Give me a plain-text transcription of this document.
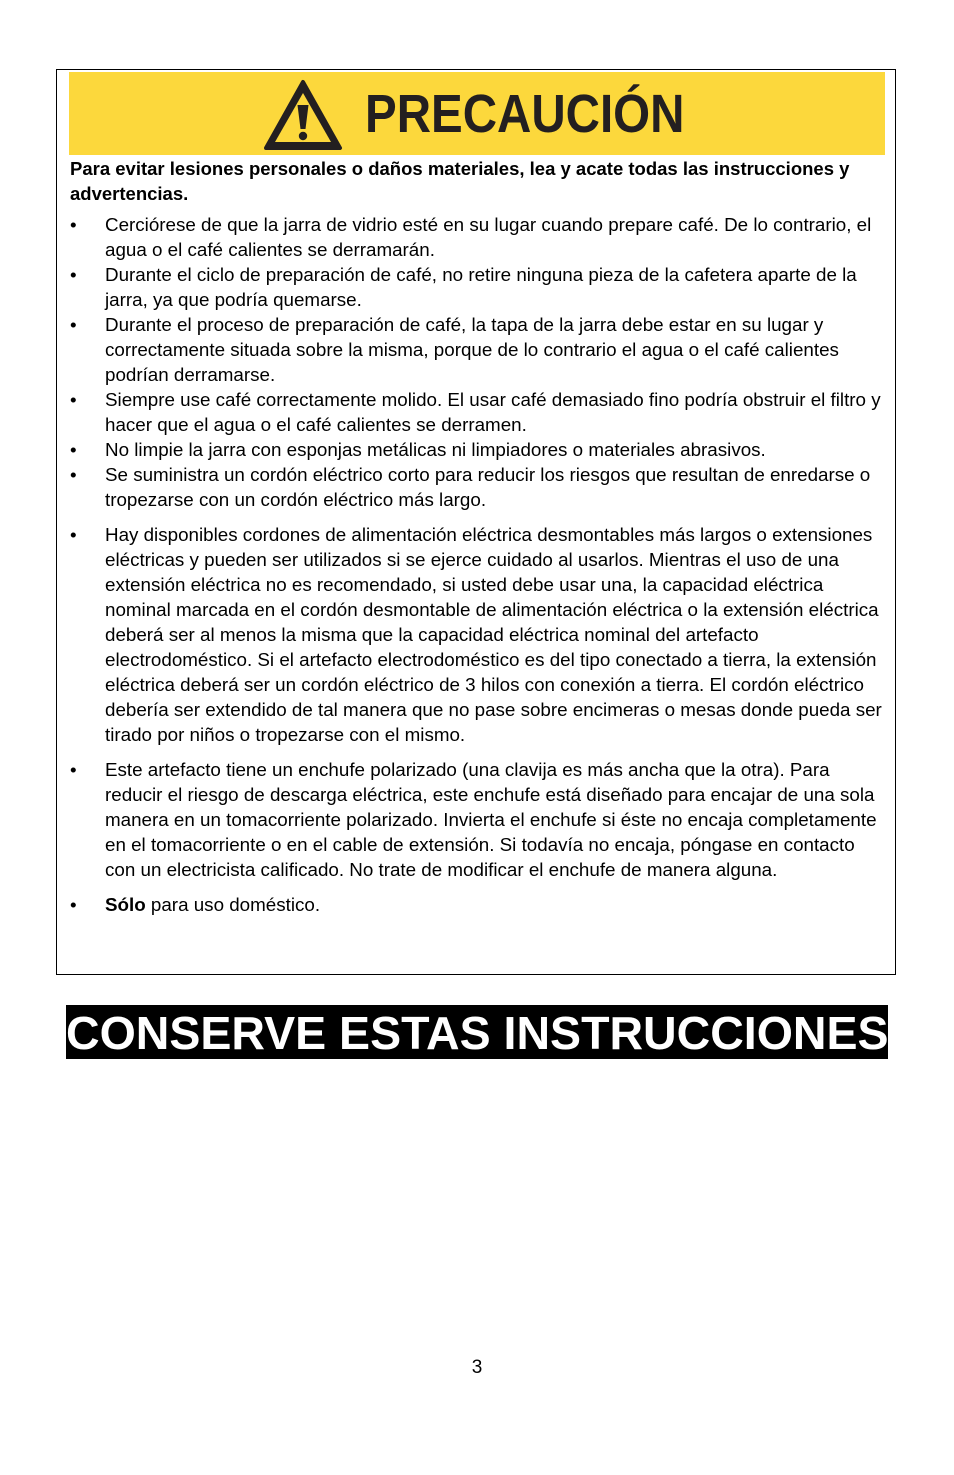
PRECAUCIÓN

Para evitar lesiones personales o daños materiales, lea y acate todas las instrucciones y advertencias.

•	Cerciórese de que la jarra de vidrio esté en su lugar cuando prepare café. De lo contrario, el agua o el café calientes se derramarán.
•	Durante el ciclo de preparación de café, no retire ninguna pieza de la cafetera aparte de la jarra, ya que podría quemarse.
•	Durante el proceso de preparación de café, la tapa de la jarra debe estar en su lugar y correctamente situada sobre la misma, porque de lo contrario el agua o el café calientes podrían derramarse.
•	Siempre use café correctamente molido. El usar café demasiado fino podría obstruir el filtro y hacer que el agua o el café calientes se derramen.
•	No limpie la jarra con esponjas metálicas ni limpiadores o materiales abrasivos.
•	Se suministra un cordón eléctrico corto para reducir los riesgos que resultan de enredarse o tropezarse con un cordón eléctrico más largo.
•	Hay disponibles cordones de alimentación eléctrica desmontables más largos o extensiones eléctricas y pueden ser utilizados si se ejerce cuidado al usarlos. Mientras el uso de una extensión eléctrica no es recomendado, si usted debe usar una, la capacidad eléctrica nominal marcada en el cordón desmontable de alimentación eléctrica o la extensión eléctrica deberá ser al menos la misma que la capacidad eléctrica nominal del artefacto electrodoméstico. Si el artefacto electrodoméstico es del tipo conectado a tierra, la extensión eléctrica deberá ser un cordón eléctrico de 3 hilos con conexión a tierra. El cordón eléctrico debería ser extendido de tal manera que no pase sobre encimeras o mesas donde pueda ser tirado por niños o tropezarse con el mismo.
•	Este artefacto tiene un enchufe polarizado (una clavija es más ancha que la otra). Para reducir el riesgo de descarga eléctrica, este enchufe está diseñado para encajar de una sola manera en un tomacorriente polarizado. Invierta el enchufe si éste no encaja completamente en el tomacorriente o en el cable de extensión. Si todavía no encaja, póngase en contacto con un electricista calificado. No trate de modificar el enchufe de manera alguna.
•	Sólo para uso doméstico.
CONSERVE ESTAS INSTRUCCIONES
3
